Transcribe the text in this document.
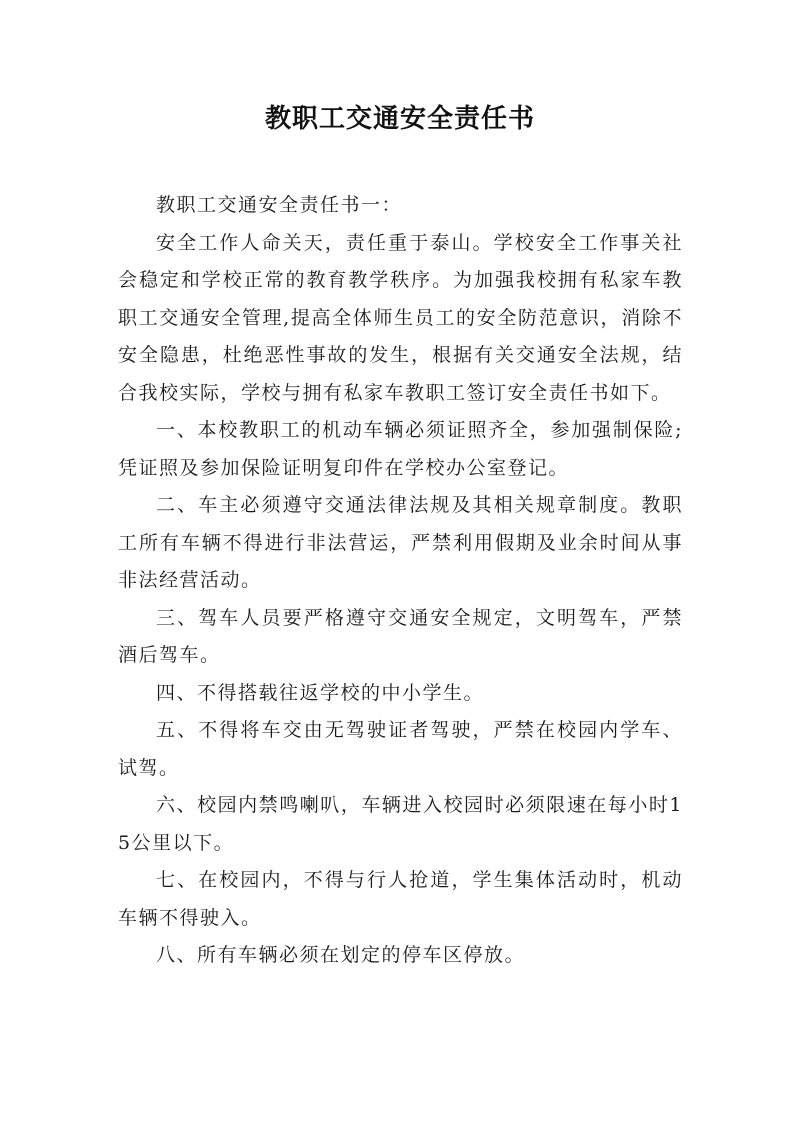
教职工交通安全责任书

教职工交通安全责任书一：

安全工作人命关天，责任重于泰山。学校安全工作事关社会稳定和学校正常的教育教学秩序。为加强我校拥有私家车教职工交通安全管理,提高全体师生员工的安全防范意识，消除不安全隐患，杜绝恶性事故的发生，根据有关交通安全法规，结合我校实际，学校与拥有私家车教职工签订安全责任书如下。

一、本校教职工的机动车辆必须证照齐全，参加强制保险;凭证照及参加保险证明复印件在学校办公室登记。

二、车主必须遵守交通法律法规及其相关规章制度。教职工所有车辆不得进行非法营运，严禁利用假期及业余时间从事非法经营活动。

三、驾车人员要严格遵守交通安全规定，文明驾车，严禁酒后驾车。

四、不得搭载往返学校的中小学生。

五、不得将车交由无驾驶证者驾驶，严禁在校园内学车、试驾。

六、校园内禁鸣喇叭，车辆进入校园时必须限速在每小时15公里以下。

七、在校园内，不得与行人抢道，学生集体活动时，机动车辆不得驶入。

八、所有车辆必须在划定的停车区停放。
